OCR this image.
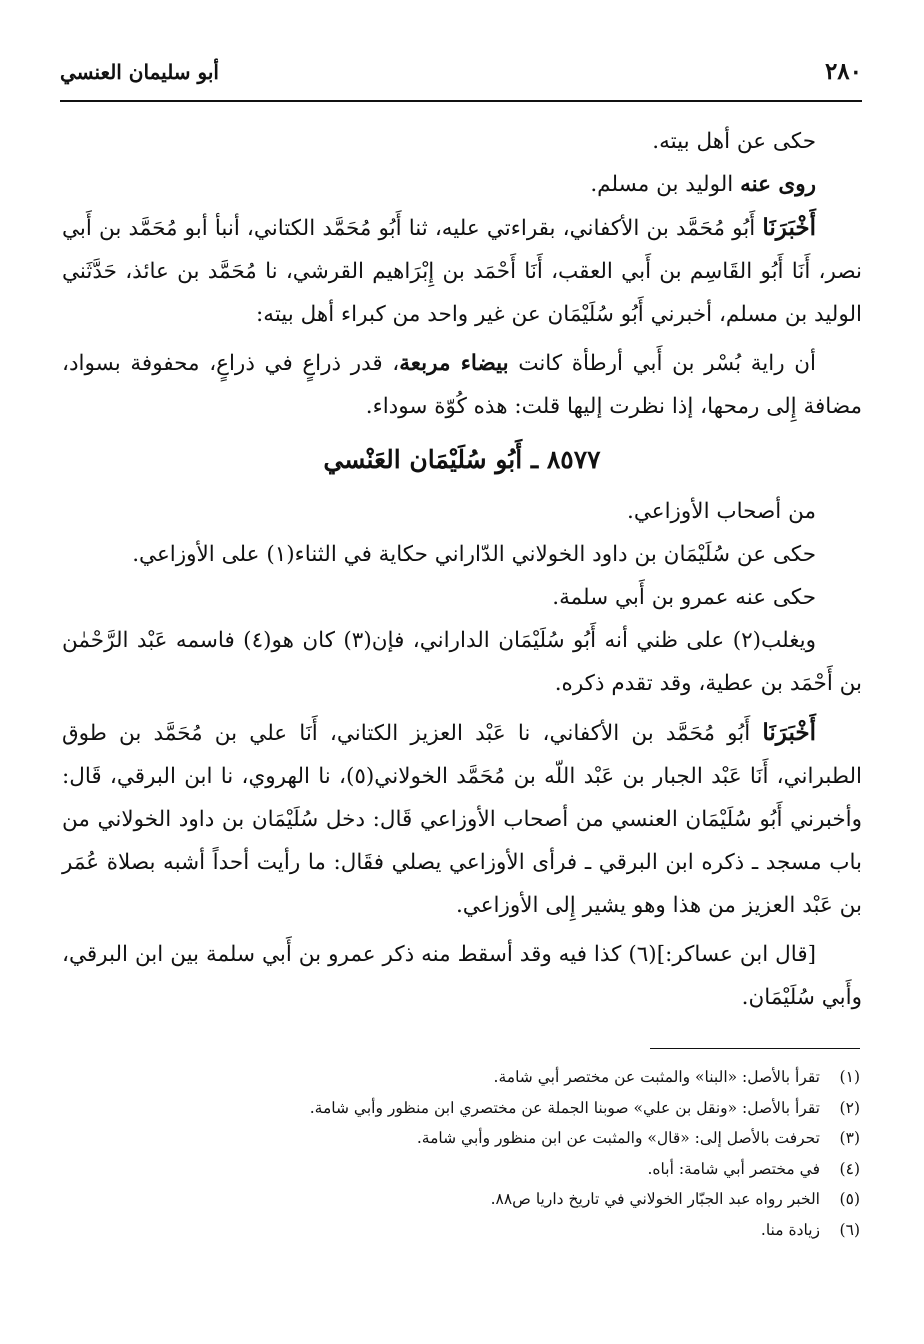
٢٨٠
أبو سليمان العنسي

حكى عن أهل بيته.

روى عنه الوليد بن مسلم.

أَخْبَرَنَا أَبُو مُحَمَّد بن الأكفاني، بقراءتي عليه، ثنا أَبُو مُحَمَّد الكتاني، أنبأ أبو مُحَمَّد بن أَبي نصر، أَنَا أَبُو القَاسِم بن أَبي العقب، أَنَا أَحْمَد بن إِبْرَاهيم القرشي، نا مُحَمَّد بن عائذ، حَدَّثَني الوليد بن مسلم، أخبرني أَبُو سُلَيْمَان عن غير واحد من كبراء أهل بيته:

أن راية بُسْر بن أَبي أرطأة كانت بيضاء مربعة، قدر ذراعٍ في ذراعٍ، محفوفة بسواد، مضافة إِلى رمحها، إذا نظرت إليها قلت: هذه كُوّة سوداء.

٨٥٧٧ ـ أَبُو سُلَيْمَان العَنْسي

من أصحاب الأوزاعي.

حكى عن سُلَيْمَان بن داود الخولاني الدّاراني حكاية في الثناء(١) على الأوزاعي.

حكى عنه عمرو بن أَبي سلمة.

ويغلب(٢) على ظني أنه أَبُو سُلَيْمَان الداراني، فإن(٣) كان هو(٤) فاسمه عَبْد الرَّحْمٰن بن أَحْمَد بن عطية، وقد تقدم ذكره.

أَخْبَرَنَا أَبُو مُحَمَّد بن الأكفاني، نا عَبْد العزيز الكتاني، أَنَا علي بن مُحَمَّد بن طوق الطبراني، أَنَا عَبْد الجبار بن عَبْد اللّه بن مُحَمَّد الخولاني(٥)، نا الهروي، نا ابن البرقي، قَال: وأخبرني أَبُو سُلَيْمَان العنسي من أصحاب الأوزاعي قَال: دخل سُلَيْمَان بن داود الخولاني من باب مسجد ـ ذكره ابن البرقي ـ فرأى الأوزاعي يصلي فقَال: ما رأيت أحداً أشبه بصلاة عُمَر بن عَبْد العزيز من هذا وهو يشير إِلى الأوزاعي.

[قال ابن عساكر:](٦) كذا فيه وقد أسقط منه ذكر عمرو بن أَبي سلمة بين ابن البرقي، وأَبي سُلَيْمَان.

(١)
تقرأ بالأصل: «البنا» والمثبت عن مختصر أبي شامة.
(٢)
تقرأ بالأصل: «ونقل بن علي» صوبنا الجملة عن مختصري ابن منظور وأبي شامة.
(٣)
تحرفت بالأصل إلى: «قال» والمثبت عن ابن منظور وأبي شامة.
(٤)
في مختصر أبي شامة: أباه.
(٥)
الخبر رواه عبد الجبّار الخولاني في تاريخ داريا ص٨٨.
(٦)
زيادة منا.
